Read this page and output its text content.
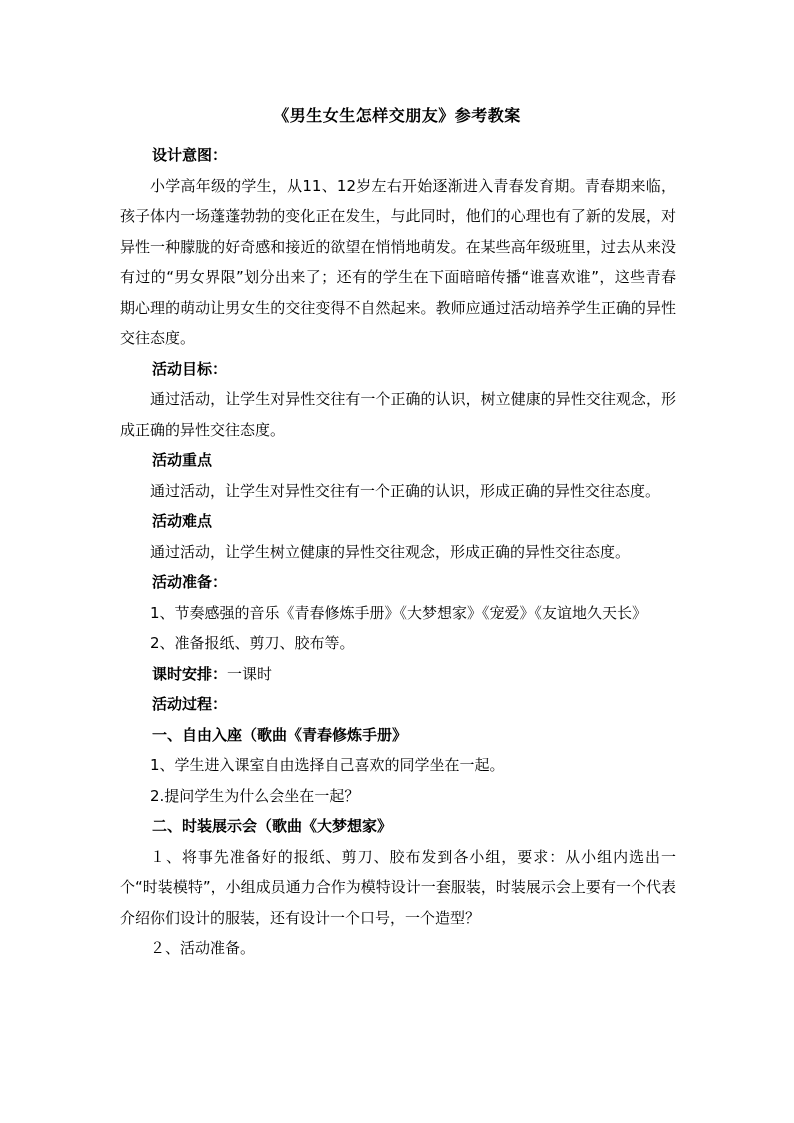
《男生女生怎样交朋友》参考教案

设计意图：

小学高年级的学生，从11、12岁左右开始逐渐进入青春发育期。青春期来临，孩子体内一场蓬蓬勃勃的变化正在发生，与此同时，他们的心理也有了新的发展，对异性一种朦胧的好奇感和接近的欲望在悄悄地萌发。在某些高年级班里，过去从来没有过的“男女界限”划分出来了；还有的学生在下面暗暗传播“谁喜欢谁”，这些青春期心理的萌动让男女生的交往变得不自然起来。教师应通过活动培养学生正确的异性交往态度。

活动目标：

通过活动，让学生对异性交往有一个正确的认识，树立健康的异性交往观念，形成正确的异性交往态度。

活动重点

通过活动，让学生对异性交往有一个正确的认识，形成正确的异性交往态度。

活动难点

通过活动，让学生树立健康的异性交往观念，形成正确的异性交往态度。

活动准备：

1、节奏感强的音乐《青春修炼手册》《大梦想家》《宠爱》《友谊地久天长》

2、准备报纸、剪刀、胶布等。

课时安排：一课时

活动过程：

一、自由入座（歌曲《青春修炼手册》

1、学生进入课室自由选择自己喜欢的同学坐在一起。

2.提问学生为什么会坐在一起？

二、时装展示会（歌曲《大梦想家》

１、将事先准备好的报纸、剪刀、胶布发到各小组，要求：从小组内选出一个“时装模特”，小组成员通力合作为模特设计一套服装，时装展示会上要有一个代表介绍你们设计的服装，还有设计一个口号，一个造型？

２、活动准备。
